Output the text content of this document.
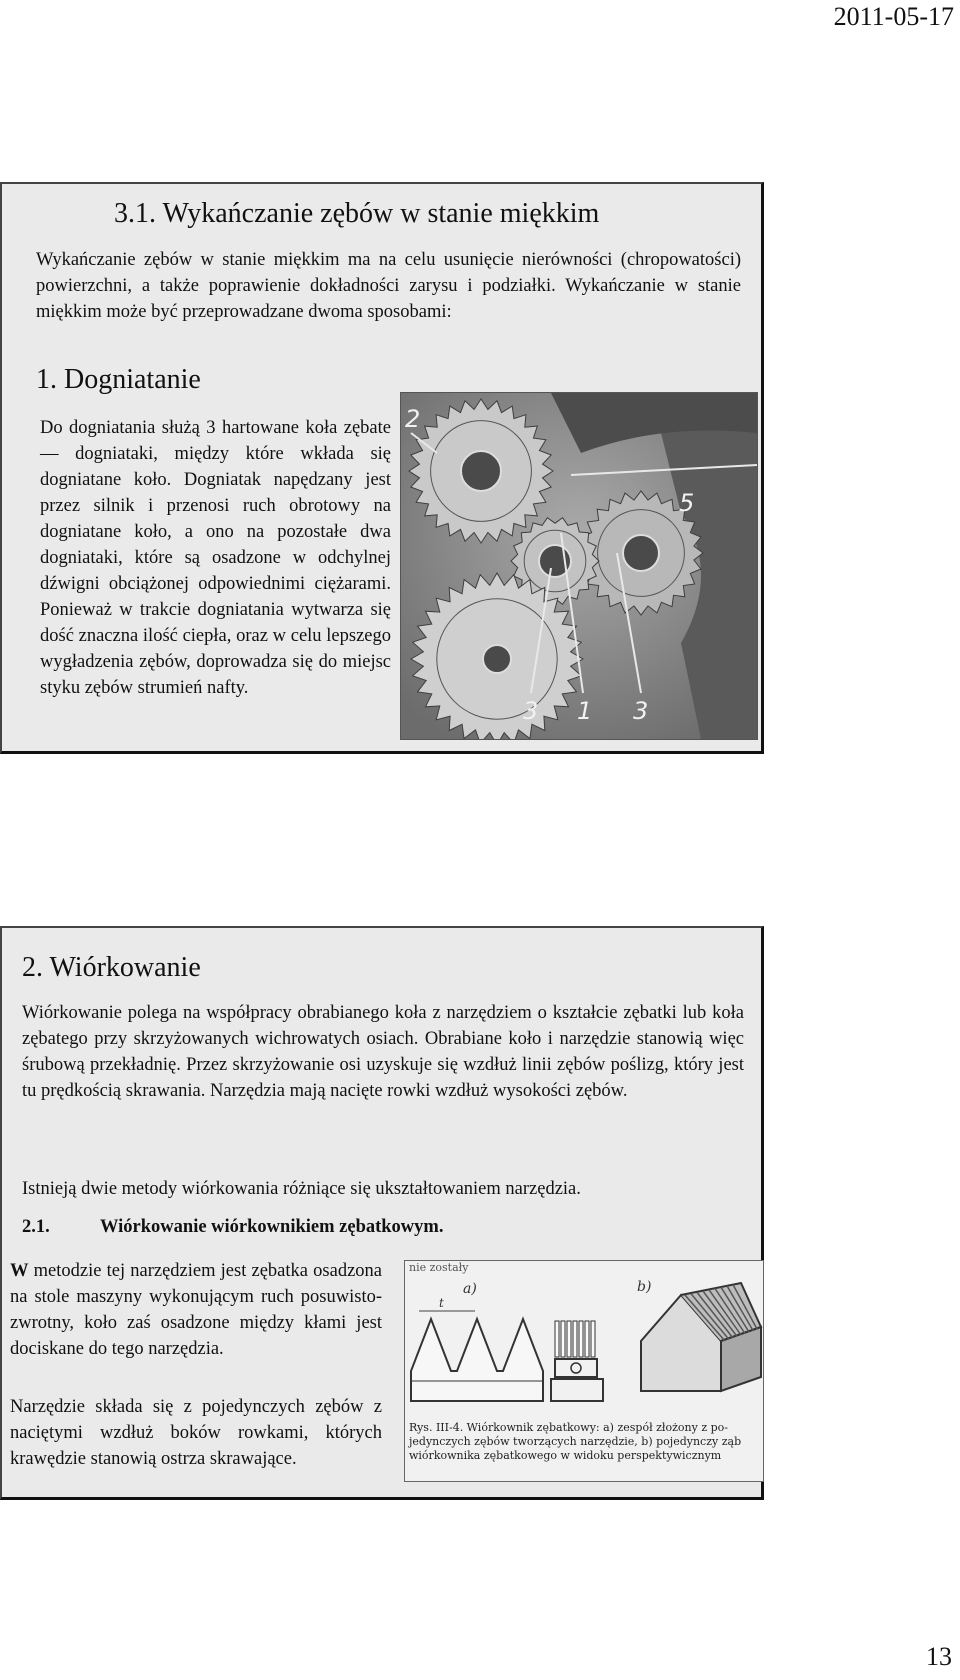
2011-05-17
3.1. Wykańczanie zębów w stanie miękkim
Wykańczanie zębów w stanie miękkim ma na celu usunięcie nierówności (chropowatości) powierzchni, a także poprawienie dokładności zarysu i podziałki. Wykańczanie w stanie miękkim może być przeprowadzane dwoma sposobami:
1. Dogniatanie
Do dogniatania służą 3 hartowane koła zębate — dogniataki, między które wkłada się dogniatane koło. Dogniatak napędzany jest przez silnik i przenosi ruch obrotowy na dogniatane koło, a ono na pozostałe dwa dogniataki, które są osadzone w odchylnej dźwigni obciążonej odpowiednimi ciężarami. Ponieważ w trakcie dogniatania wytwarza się dość znaczna ilość ciepła, oraz w celu lepszego wygładzenia zębów, doprowadza się do miejsc styku zębów strumień nafty.
2
5
3 1 3
2. Wiórkowanie
Wiórkowanie polega na współpracy obrabianego koła z narzędziem o kształcie zębatki lub koła zębatego przy skrzyżowanych wichrowatych osiach. Obrabiane koło i narzędzie stanowią więc śrubową przekładnię. Przez skrzyżowanie osi uzyskuje się wzdłuż linii zębów poślizg, który jest tu prędkością skrawania. Narzędzia mają nacięte rowki wzdłuż wysokości zębów.
Istnieją dwie metody wiórkowania różniące się ukształtowaniem narzędzia.
2.1.	Wiórkowanie wiórkownikiem zębatkowym.
W metodzie tej narzędziem jest zębatka osadzona na stole maszyny wykonującym ruch posuwisto-zwrotny, koło zaś osadzone między kłami jest dociskane do tego narzędzia.
Narzędzie składa się z pojedynczych zębów z naciętymi wzdłuż boków rowkami, których krawędzie stanowią ostrza skrawające.
nie zostały
a)	b)
t
Rys. III-4. Wiórkownik zębatkowy: a) zespół złożony z po-
jedynczych zębów tworzących narzędzie, b) pojedynczy ząb
wiórkownika zębatkowego w widoku perspektywicznym
13
